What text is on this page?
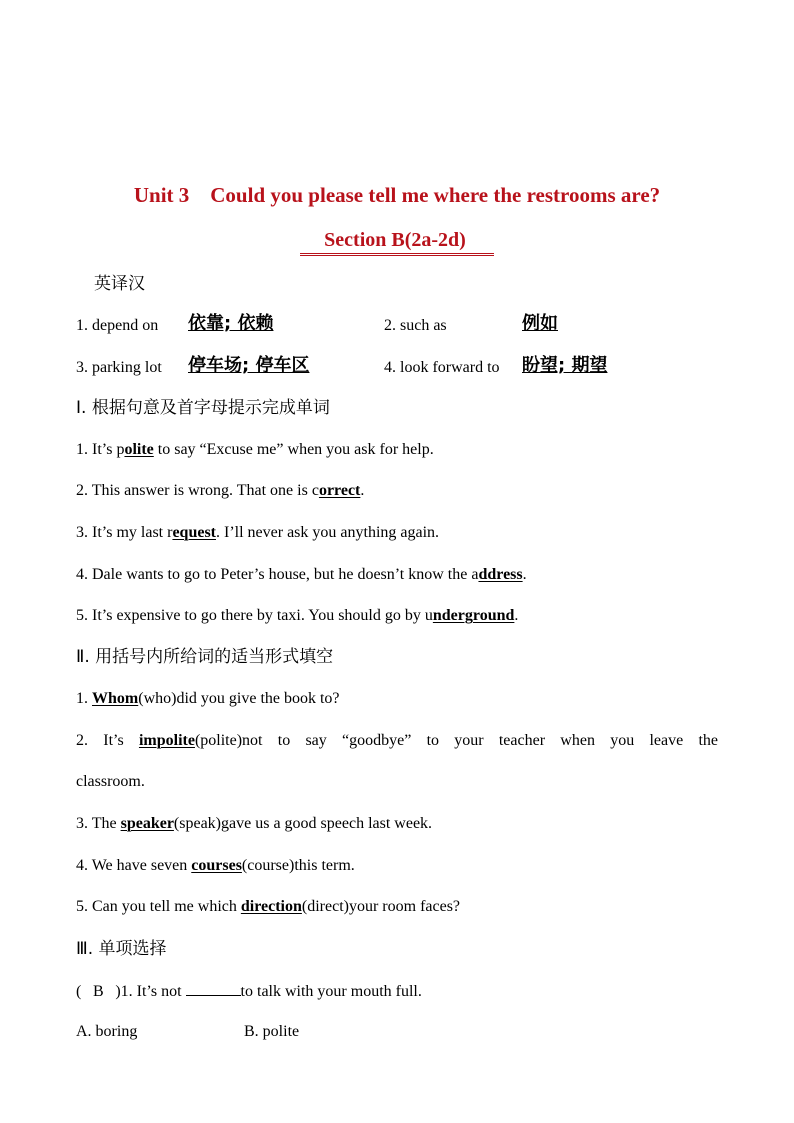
Unit 3    Could you please tell me where the restrooms are?
Section B(2a-2d)
英译汉
1. depend on 依靠; 依赖	2. such as	例如
3. parking lot 停车场; 停车区	4. look forward to 盼望; 期望
Ⅰ. 根据句意及首字母提示完成单词
1. It’s polite to say “Excuse me” when you ask for help.
2. This answer is wrong. That one is correct.
3. It’s my last request. I’ll never ask you anything again.
4. Dale wants to go to Peter’s house, but he doesn’t know the address.
5. It’s expensive to go there by taxi. You should go by underground.
Ⅱ. 用括号内所给词的适当形式填空
1. Whom(who)did you give the book to?
2. It’s impolite(polite)not to say “goodbye” to your teacher when you leave the
classroom.
3. The speaker(speak)gave us a good speech last week.
4. We have seven courses(course)this term.
5. Can you tell me which direction(direct)your room faces?
Ⅲ. 单项选择
( B )1. It’s not	to talk with your mouth full.
A. boring	B. polite
